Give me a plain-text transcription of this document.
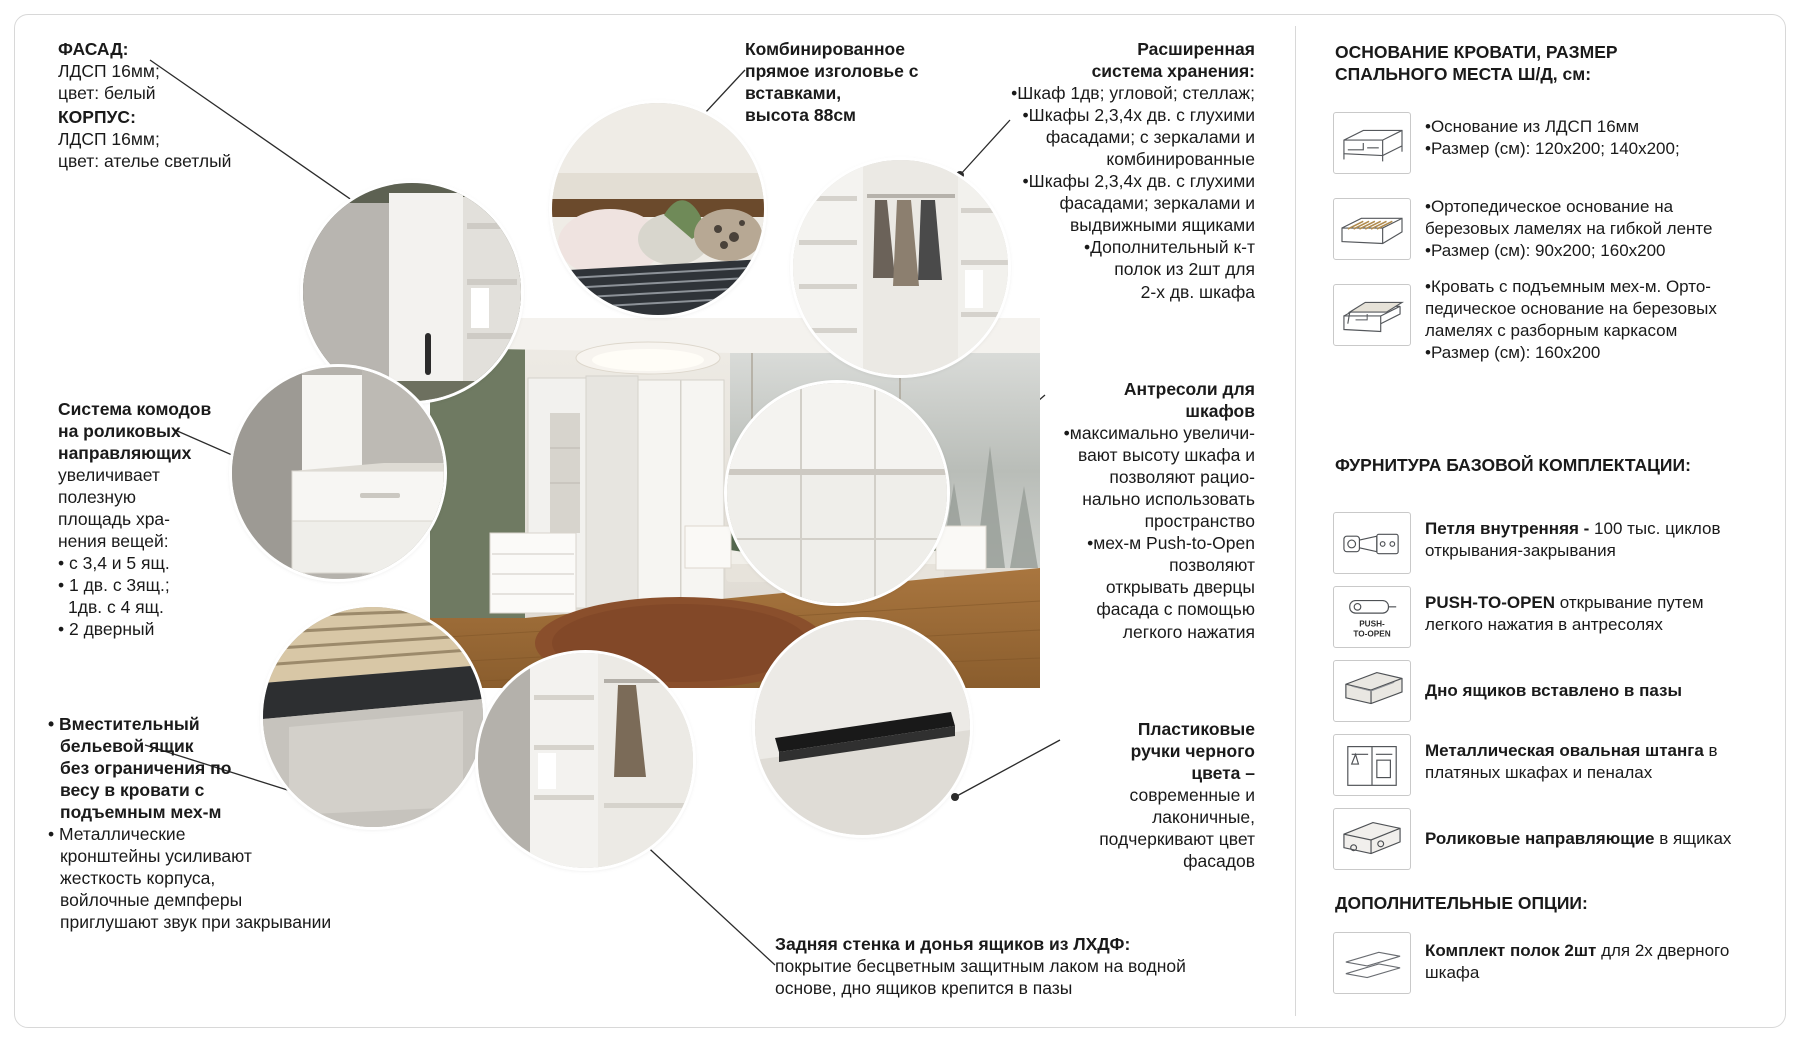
ФАСАД:
ЛДСП 16мм;
цвет: белый
КОРПУС:
ЛДСП 16мм;
цвет: ателье светлый
Система комодов
на роликовых
направляющих
увеличивает
полезную
площадь хра-
нения вещей:
• с 3,4 и 5 ящ.
• 1 дв. с 3ящ.;
1дв. с 4 ящ.
• 2 дверный
• Вместительный
бельевой ящик
без ограничения по
весу в кровати с
подъемным мех-м
• Металлические
кронштейны усиливают
жесткость корпуса,
войлочные демпферы
приглушают звук при закрывании
Комбинированное
прямое изголовье с
вставками,
высота 88см
Расширенная
система хранения:
•Шкаф 1дв; угловой; стеллаж;
•Шкафы 2,3,4х дв. с глухими
фасадами; с зеркалами и
комбинированные
•Шкафы 2,3,4х дв. с глухими
фасадами; зеркалами и
выдвижными ящиками
•Дополнительный к-т
полок из 2шт для
2-х дв. шкафа
Антресоли для
шкафов
•максимально увеличи-
вают высоту шкафа и
позволяют рацио-
нально использовать
пространство
•мех-м Push-to-Open
позволяют
открывать дверцы
фасада с помощью
легкого нажатия
Пластиковые
ручки черного
цвета –
современные и
лаконичные,
подчеркивают цвет
фасадов
Задняя стенка и донья ящиков из ЛХДФ:
покрытие бесцветным защитным лаком на водной
основе, дно ящиков крепится в пазы
ОСНОВАНИЕ КРОВАТИ, РАЗМЕР
СПАЛЬНОГО МЕСТА Ш/Д, см:
•Основание из ЛДСП 16мм
•Размер (см): 120x200; 140x200;
•Ортопедическое основание на
березовых ламелях на гибкой ленте
•Размер (см): 90x200; 160x200
•Кровать с подъемным мех-м. Орто-
педическое основание на березовых
ламелях с разборным каркасом
•Размер (см): 160x200
ФУРНИТУРА БАЗОВОЙ КОМПЛЕКТАЦИИ:
Петля внутренняя - 100 тыс. циклов
открывания-закрывания
PUSH-
TO-OPEN
PUSH-TO-OPEN открывание путем
легкого нажатия в антресолях
Дно ящиков вставлено в пазы
Металлическая овальная штанга в
платяных шкафах и пеналах
Роликовые направляющие в ящиках
ДОПОЛНИТЕЛЬНЫЕ ОПЦИИ:
Комплект полок 2шт для 2х дверного
шкафа
